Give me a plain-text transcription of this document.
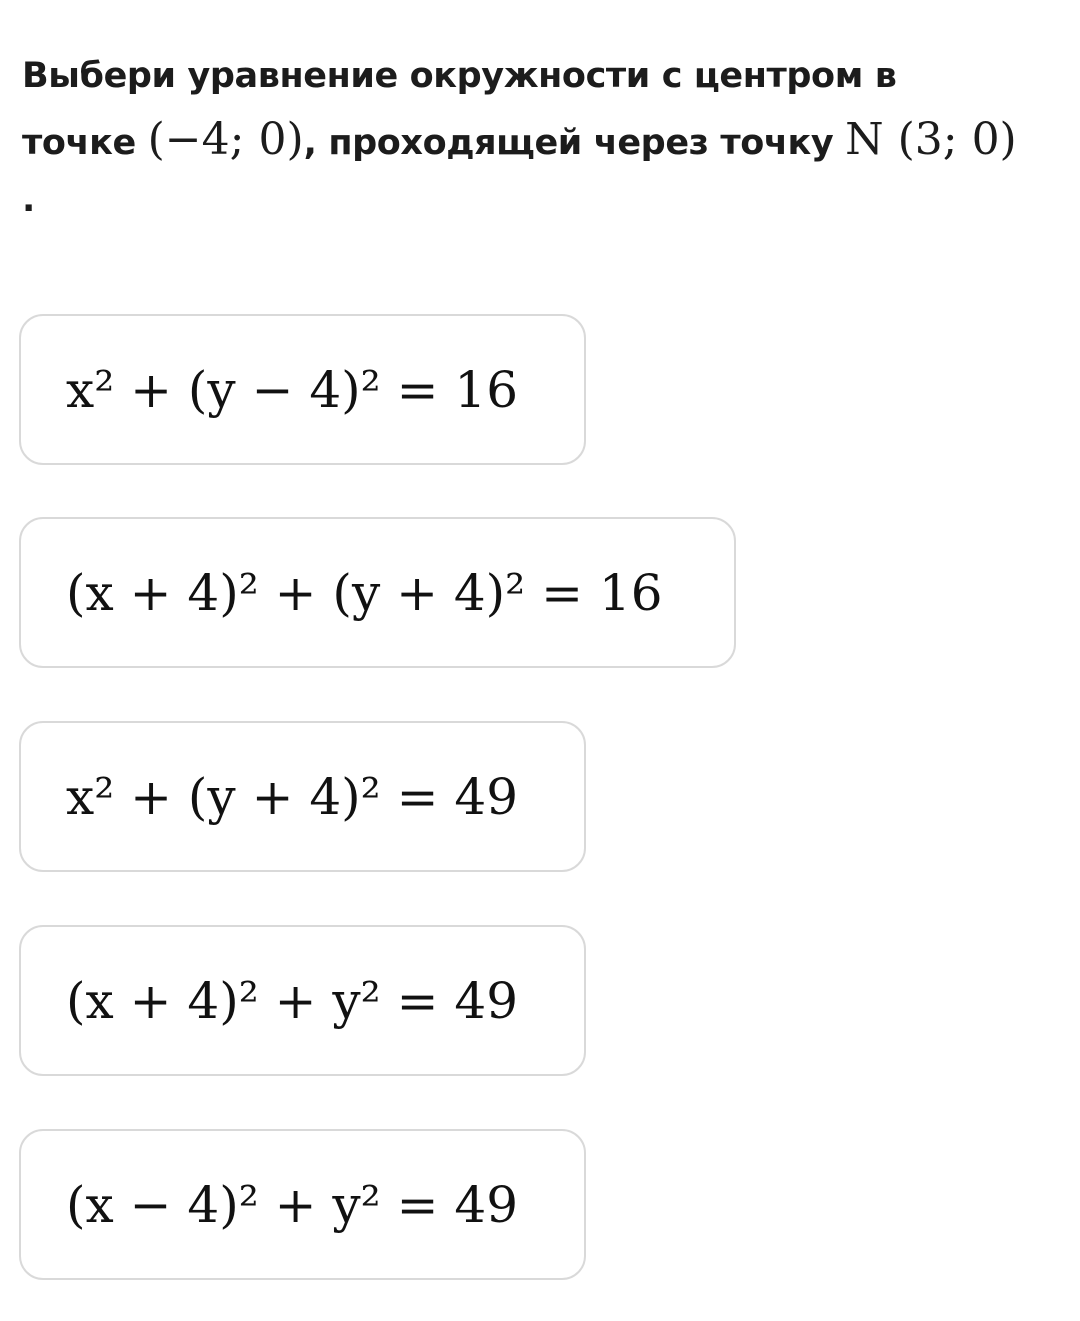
Выбери уравнение окружности с центром в
точке (−4; 0), проходящей через точку N (3; 0)
.
x² + (y − 4)² = 16
(x + 4)² + (y + 4)² = 16
x² + (y + 4)² = 49
(x + 4)² + y² = 49
(x − 4)² + y² = 49
